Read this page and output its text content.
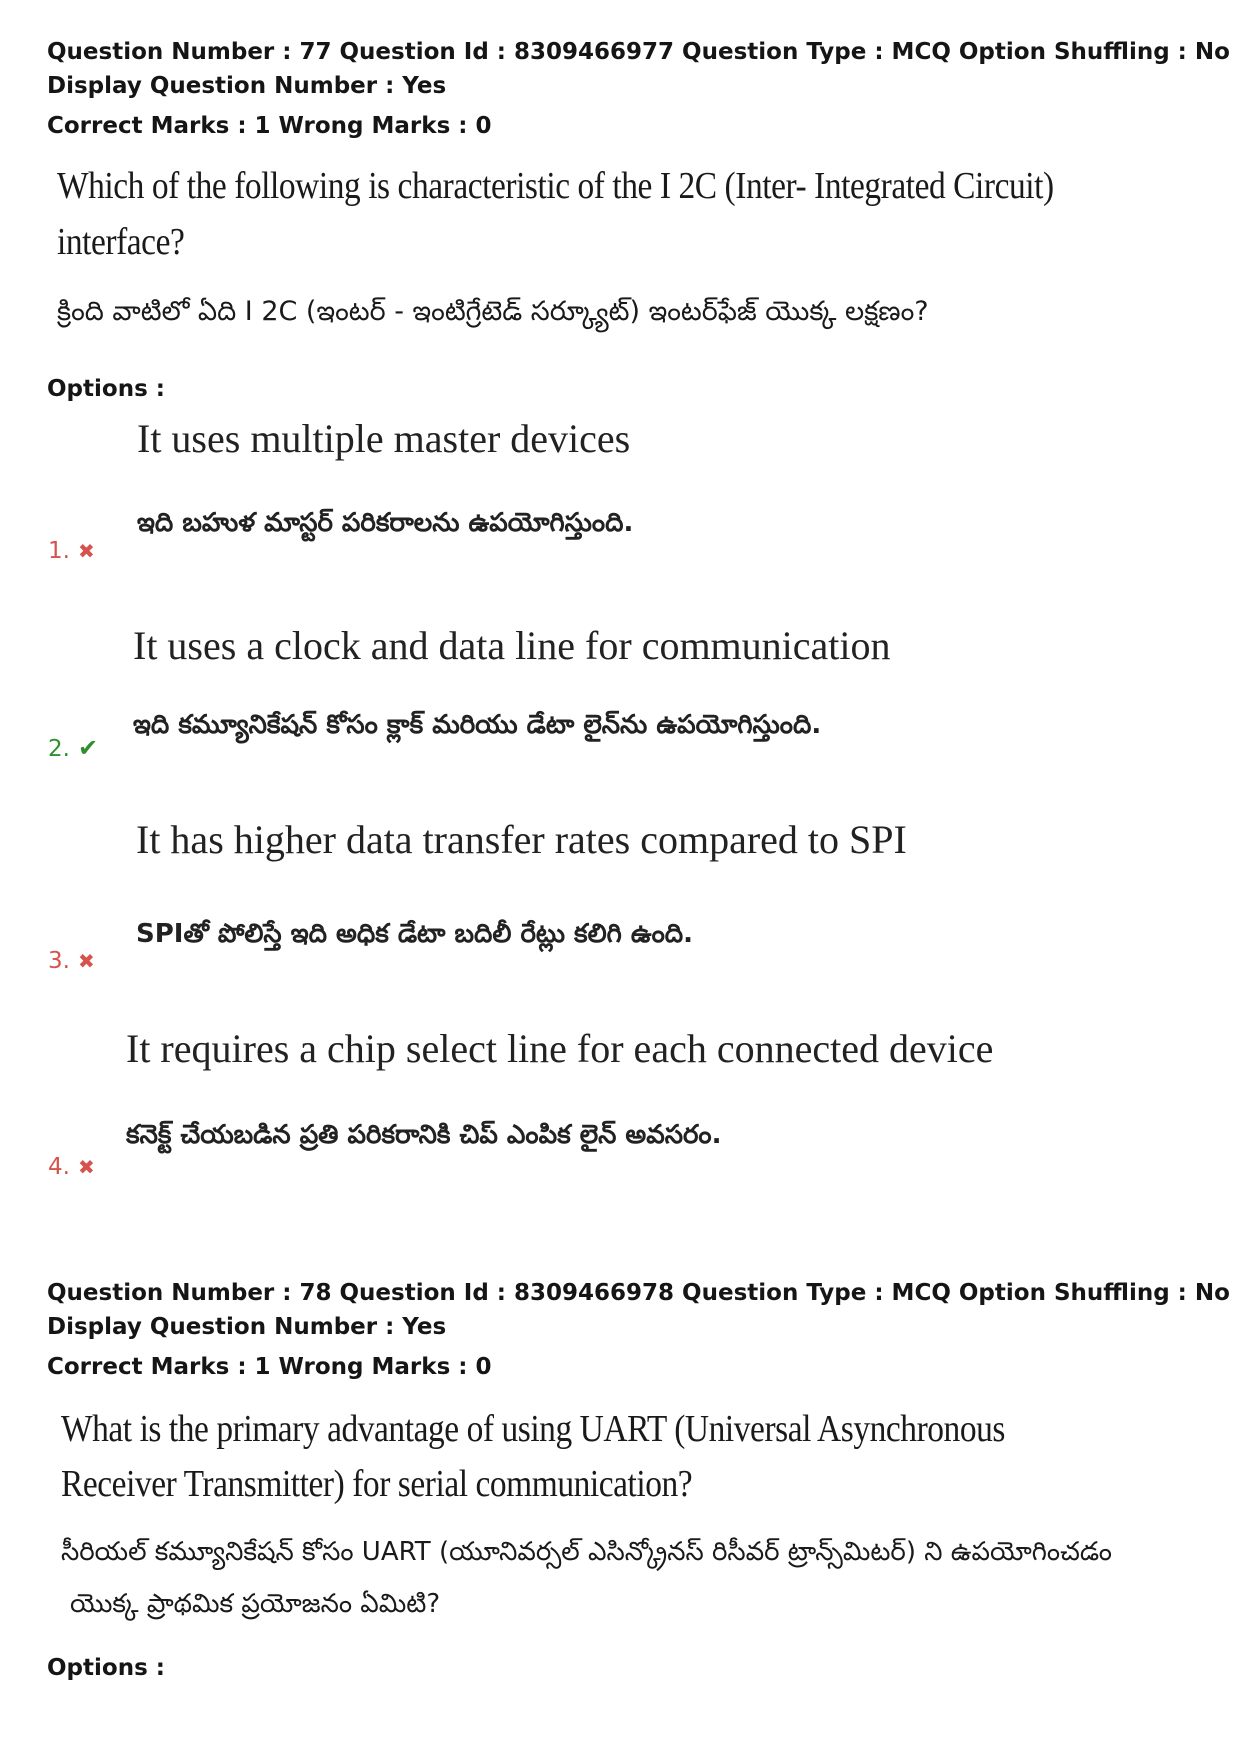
Question Number : 77 Question Id : 8309466977 Question Type : MCQ Option Shuffling : No
Display Question Number : Yes
Correct Marks : 1 Wrong Marks : 0
Which of the following is characteristic of the I 2C (Inter- Integrated Circuit)
interface?
క్రింది వాటిలో ఏది I 2C (ఇంటర్ - ఇంటిగ్రేటెడ్ సర్క్యూట్) ఇంటర్‌ఫేజ్ యొక్క లక్షణం?
Options :
It uses multiple master devices
ఇది బహుళ మాస్టర్ పరికరాలను ఉపయోగిస్తుంది.
1. ✖
It uses a clock and data line for communication
ఇది కమ్యూనికేషన్ కోసం క్లాక్ మరియు డేటా లైన్‌ను ఉపయోగిస్తుంది.
2. ✔
It has higher data transfer rates compared to SPI
SPIతో పోలిస్తే ఇది అధిక డేటా బదిలీ రేట్లు కలిగి ఉంది.
3. ✖
It requires a chip select line for each connected device
కనెక్ట్ చేయబడిన ప్రతి పరికరానికి చిప్ ఎంపిక లైన్ అవసరం.
4. ✖
Question Number : 78 Question Id : 8309466978 Question Type : MCQ Option Shuffling : No
Display Question Number : Yes
Correct Marks : 1 Wrong Marks : 0
What is the primary advantage of using UART (Universal Asynchronous
Receiver Transmitter) for serial communication?
సీరియల్ కమ్యూనికేషన్ కోసం UART (యూనివర్సల్ ఎసిన్క్రోనస్ రిసీవర్ ట్రాన్స్‌మిటర్) ని ఉపయోగించడం
యొక్క ప్రాథమిక ప్రయోజనం ఏమిటి?
Options :
